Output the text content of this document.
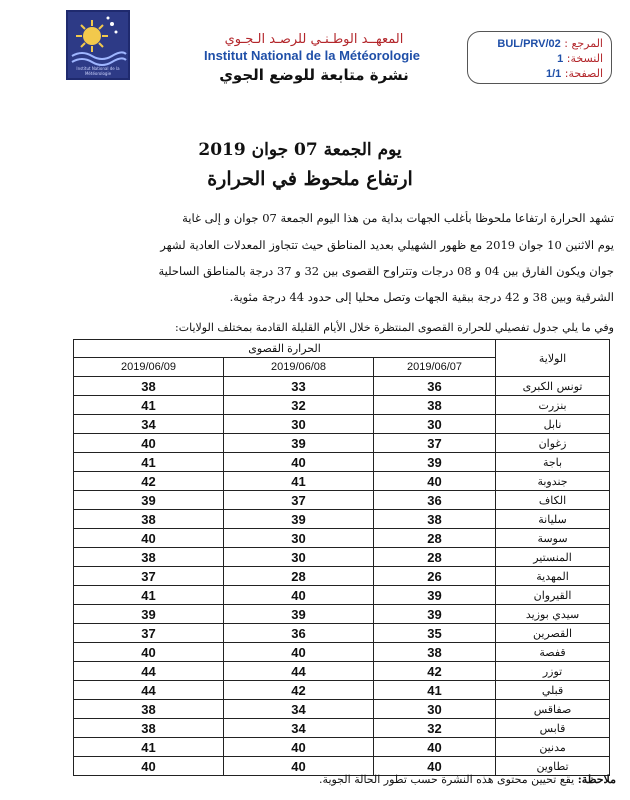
Institut National de la Météorologie
المعهــد الوطـنـي للرصـد الـجـوي
Institut National de la Météorologie
نشرة متابعة للوضع الجوي
المرجع : BUL/PRV/02
النسخة: 1
الصفحة: 1/1
يوم الجمعة 07 جوان 2019
ارتفاع ملحوظ في الحرارة
تشهد الحرارة ارتفاعا ملحوظا بأغلب الجهات بداية من هذا اليوم الجمعة 07 جوان و إلى غاية
يوم الاثنين 10 جوان 2019 مع ظهور الشهيلي بعديد المناطق حيث تتجاوز المعدلات العادية لشهر
جوان ويكون الفارق بين 04 و 08 درجات وتتراوح القصوى بين 32 و 37 درجة بالمناطق الساحلية
الشرقية وبين 38 و 42 درجة ببقية الجهات وتصل محليا إلى حدود 44 درجة مئوية.
وفي ما يلي جدول تفصيلي للحرارة القصوى المنتظرة خلال الأيام القليلة القادمة بمختلف الولايات:
الحرارة القصوى			الولاية
2019/06/09	2019/06/08	2019/06/07	
38	33	36	تونس الكبرى
41	32	38	بنزرت
34	30	30	نابل
40	39	37	زغوان
41	40	39	باجة
42	41	40	جندوبة
39	37	36	الكاف
38	39	38	سليانة
40	30	28	سوسة
38	30	28	المنستير
37	28	26	المهدية
41	40	39	القيروان
39	39	39	سيدي بوزيد
37	36	35	القصرين
40	40	38	قفصة
44	44	42	توزر
44	42	41	قبلي
38	34	30	صفاقس
38	34	32	قابس
41	40	40	مدنين
40	40	40	تطاوين
ملاحظة: يقع تحيين محتوى هذه النشرة حسب تطور الحالة الجوية.
